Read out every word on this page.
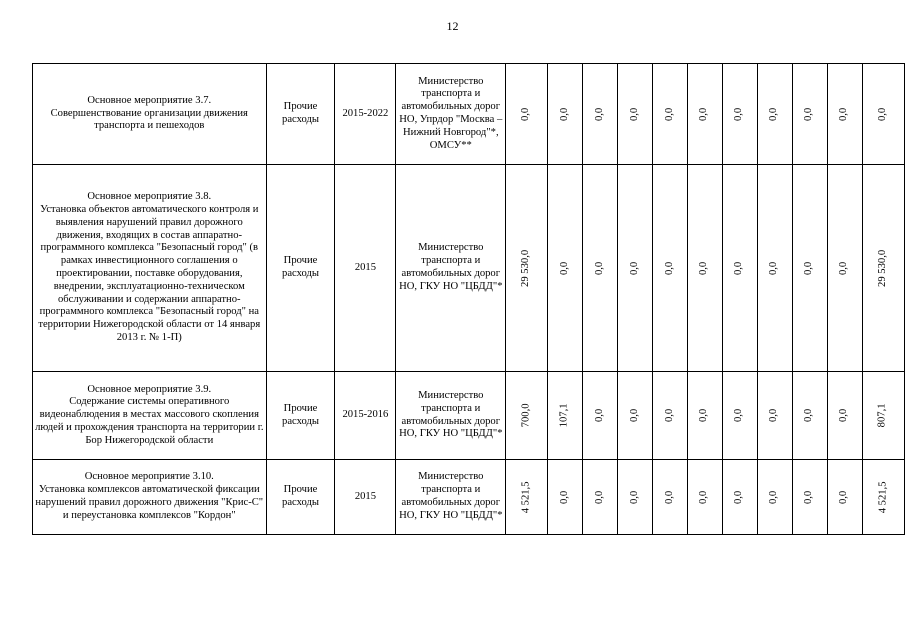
12
Основное мероприятие 3.7.
Совершенствование организации движения транспорта и пешеходов	Прочие расходы	2015-2022	Министерство транспорта и автомобильных дорог НО, Упрдор "Москва – Нижний Новгород"*, ОМСУ**	0,0	0,0	0,0	0,0	0,0	0,0	0,0	0,0	0,0	0,0	0,0

Основное мероприятие 3.8.
Установка объектов автоматического контроля и выявления нарушений правил дорожного движения, входящих в состав аппаратно-программного комплекса "Безопасный город" (в рамках инвестиционного соглашения о проектировании, поставке оборудования, внедрении, эксплуатационно-техническом обслуживании и содержании аппаратно-программного комплекса "Безопасный город" на территории Нижегородской области от 14 января 2013 г. № 1-П)	Прочие расходы	2015	Министерство транспорта и автомобильных дорог НО, ГКУ НО "ЦБДД"*	29 530,0	0,0	0,0	0,0	0,0	0,0	0,0	0,0	0,0	0,0	29 530,0

Основное мероприятие 3.9.
Содержание системы оперативного видеонаблюдения в местах массового скопления людей и прохождения транспорта на территории г. Бор Нижегородской области	Прочие расходы	2015-2016	Министерство транспорта и автомобильных дорог НО, ГКУ НО "ЦБДД"*	700,0	107,1	0,0	0,0	0,0	0,0	0,0	0,0	0,0	0,0	807,1

Основное мероприятие 3.10.
Установка комплексов автоматической фиксации нарушений правил дорожного движения "Крис-С" и переустановка комплексов "Кордон"	Прочие расходы	2015	Министерство транспорта и автомобильных дорог НО, ГКУ НО "ЦБДД"*	4 521,5	0,0	0,0	0,0	0,0	0,0	0,0	0,0	0,0	0,0	4 521,5
